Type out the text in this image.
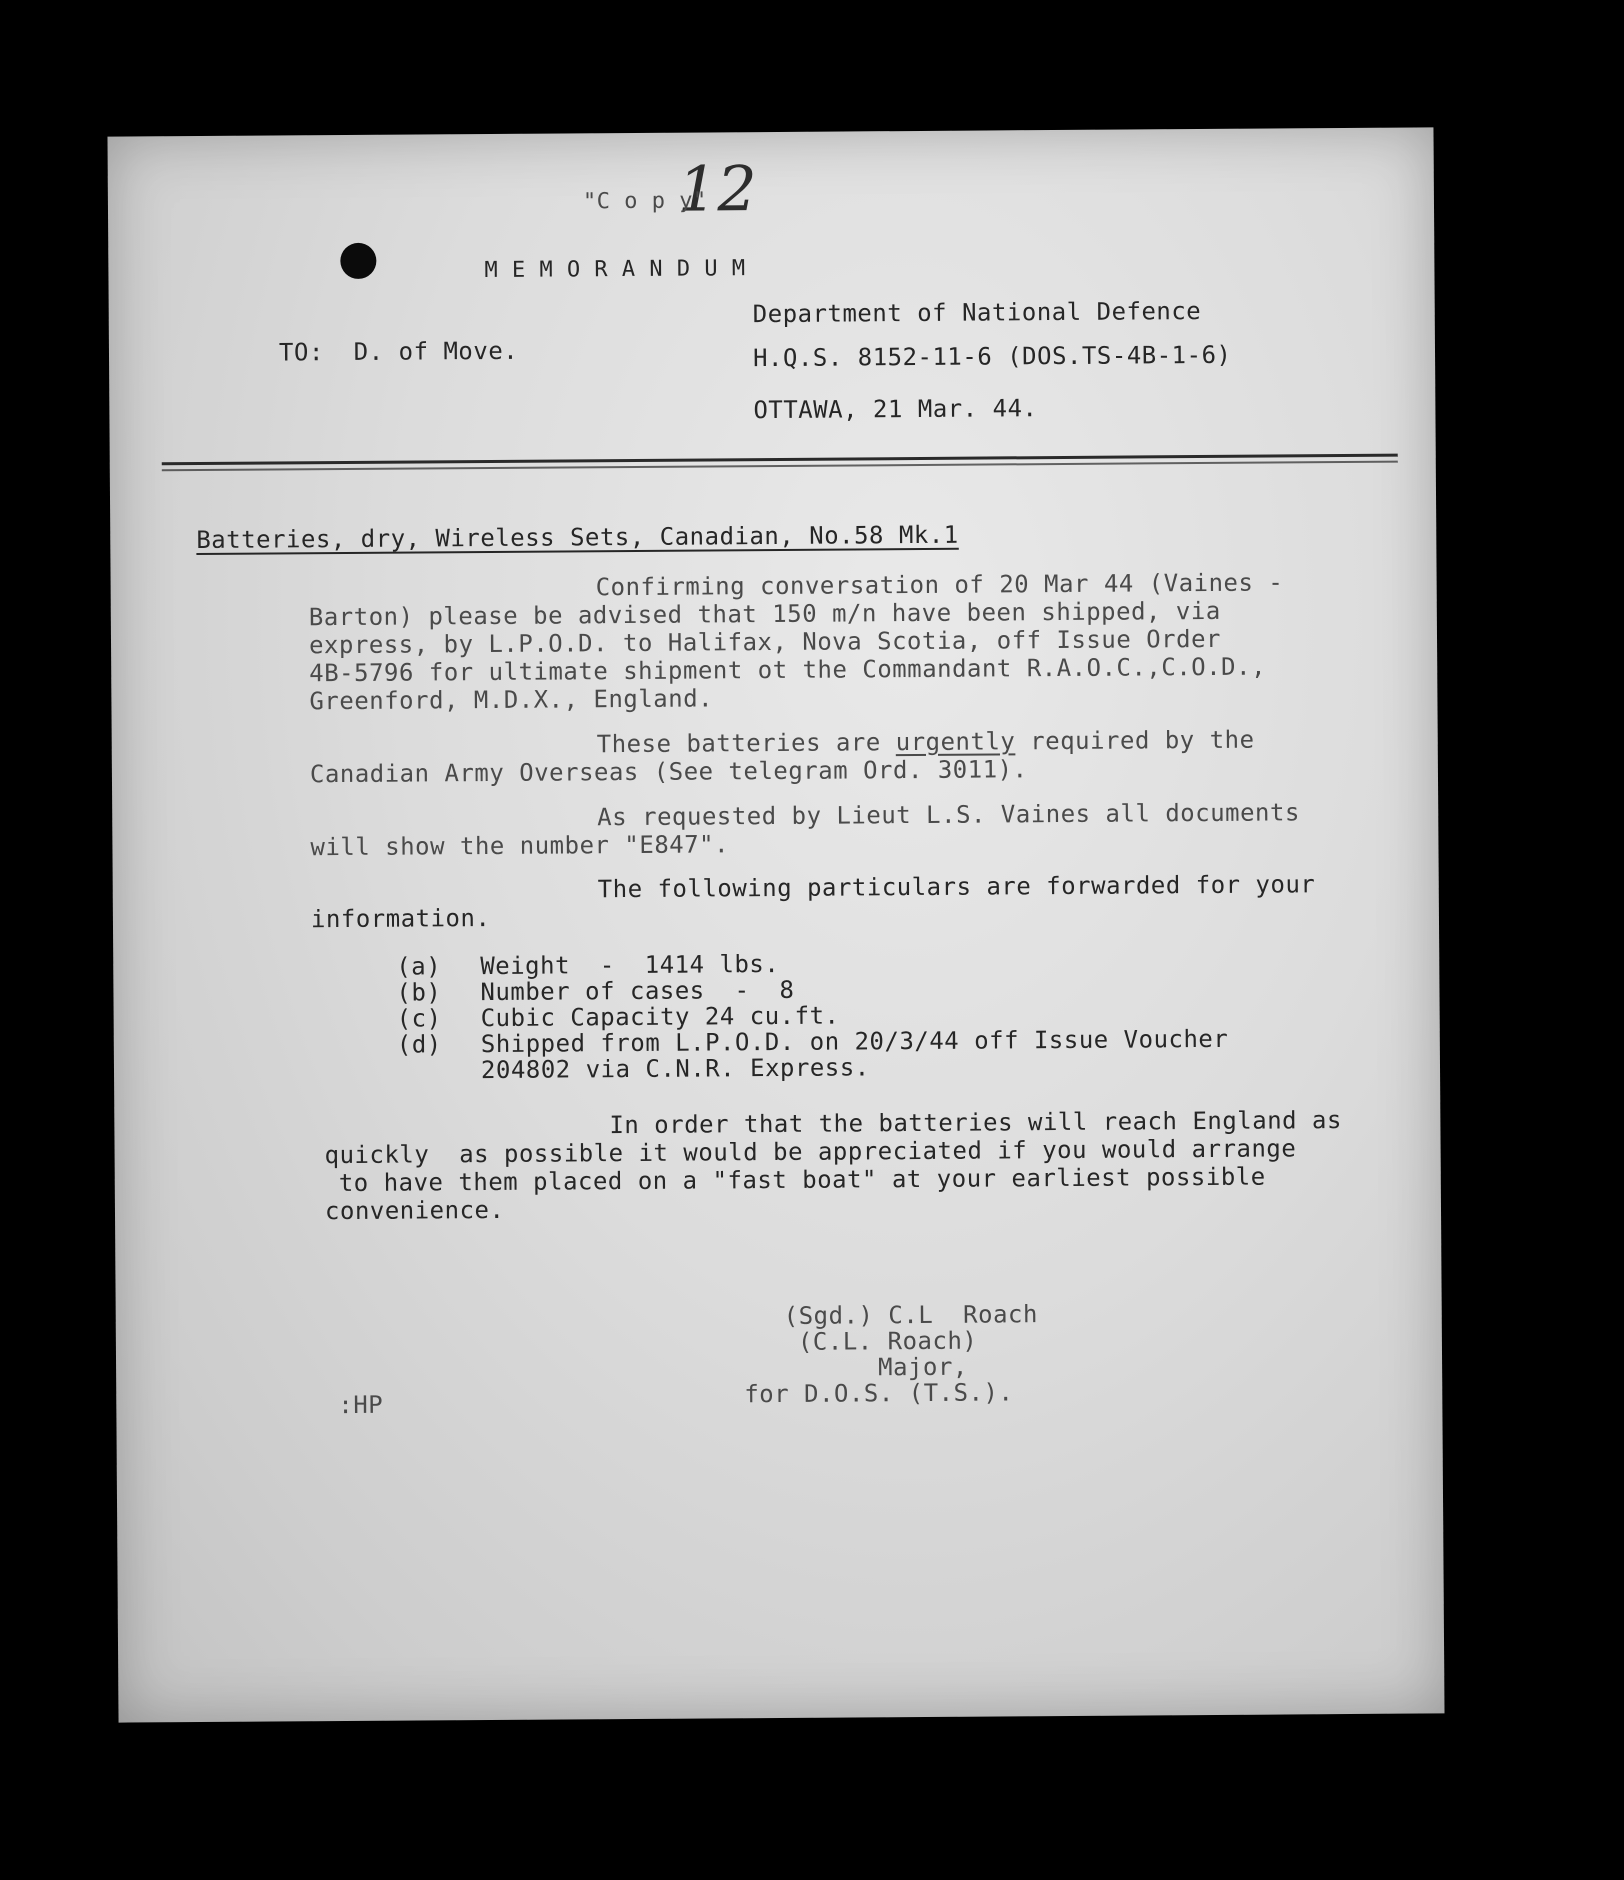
12
"C o p y"
M E M O R A N D U M
Department of National Defence
TO:  D. of Move.	H.Q.S. 8152-11-6 (DOS.TS-4B-1-6)
OTTAWA, 21 Mar. 44.
Batteries, dry, Wireless Sets, Canadian, No.58 Mk.1
Confirming conversation of 20 Mar 44 (Vaines -
Barton) please be advised that 150 m/n have been shipped, via
express, by L.P.O.D. to Halifax, Nova Scotia, off Issue Order
4B-5796 for ultimate shipment ot the Commandant R.A.O.C.,C.O.D.,
Greenford, M.D.X., England.
These batteries are urgently required by the
Canadian Army Overseas (See telegram Ord. 3011).
As requested by Lieut L.S. Vaines all documents
will show the number "E847".
The following particulars are forwarded for your
information.
(a) Weight  -  1414 lbs.
(b) Number of cases  -  8
(c) Cubic Capacity 24 cu.ft.
(d) Shipped from L.P.O.D. on 20/3/44 off Issue Voucher
204802 via C.N.R. Express.
In order that the batteries will reach England as
quickly  as possible it would be appreciated if you would arrange
to have them placed on a "fast boat" at your earliest possible
convenience.
(Sgd.) C.L  Roach
(C.L. Roach)
Major,
for D.O.S. (T.S.).
:HP
